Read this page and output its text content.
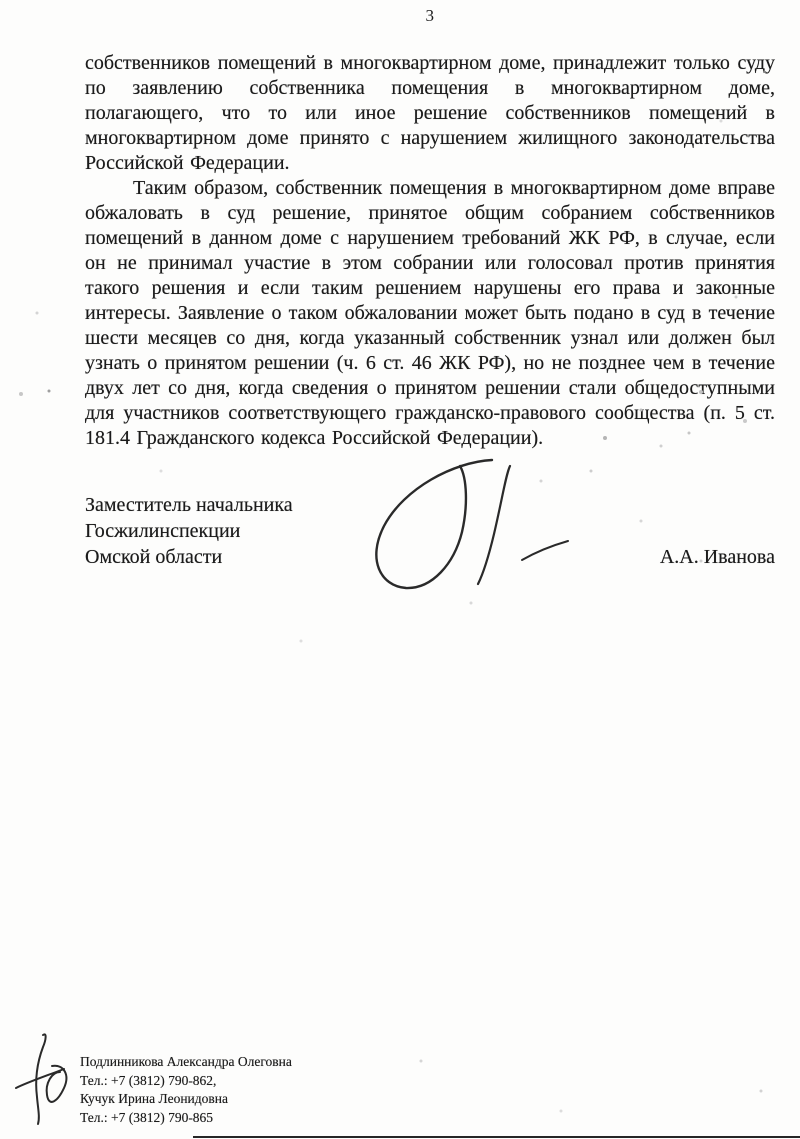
3

собственников помещений в многоквартирном доме, принадлежит только суду по заявлению собственника помещения в многоквартирном доме, полагающего, что то или иное решение собственников помещений в многоквартирном доме принято с нарушением жилищного законодательства Российской Федерации.

Таким образом, собственник помещения в многоквартирном доме вправе обжаловать в суд решение, принятое общим собранием собственников помещений в данном доме с нарушением требований ЖК РФ, в случае, если он не принимал участие в этом собрании или голосовал против принятия такого решения и если таким решением нарушены его права и законные интересы. Заявление о таком обжаловании может быть подано в суд в течение шести месяцев со дня, когда указанный собственник узнал или должен был узнать о принятом решении (ч. 6 ст. 46 ЖК РФ), но не позднее чем в течение двух лет со дня, когда сведения о принятом решении стали общедоступными для участников соответствующего гражданско-правового сообщества (п. 5 ст. 181.4 Гражданского кодекса Российской Федерации).

Заместитель начальника
Госжилинспекции
Омской области	А.А. Иванова
Подлинникова Александра Олеговна
Тел.: +7 (3812) 790-862,
Кучук Ирина Леонидовна
Тел.: +7 (3812) 790-865
